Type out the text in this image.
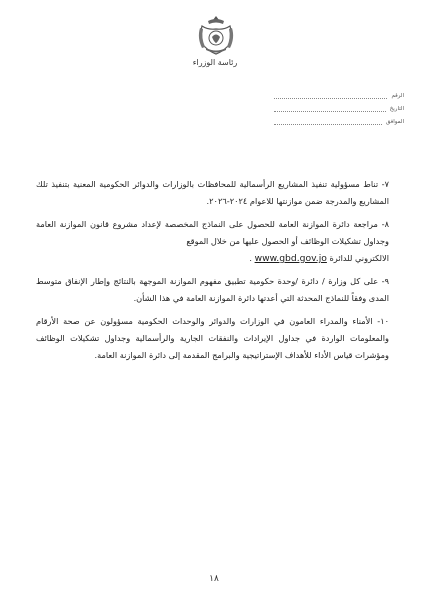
رئاسة الوزراء
الرقم
التاريخ
الموافق
٧- تناط مسؤولية تنفيذ المشاريع الرأسمالية للمحافظات بالوزارات والدوائر الحكومية المعنية بتنفيذ تلك المشاريع والمدرجة ضمن موازنتها للاعوام ٢٠٢٤-٢٠٢٦.
٨- مراجعة دائرة الموازنة العامة للحصول على النماذج المخصصة لإعداد مشروع قانون الموازنة العامة وجداول تشكيلات الوظائف أو الحصول عليها من خلال الموقع
الالكتروني للدائرة www.gbd.gov.jo .
٩- على كل وزارة / دائرة /وحدة حكومية تطبيق مفهوم الموازنة الموجهة بالنتائج وإطار الإنفاق متوسط المدى وفقاً للنماذج المحدثة التي أعدتها دائرة الموازنة العامة في هذا الشأن.
١٠- الأمناء والمدراء العامون في الوزارات والدوائر والوحدات الحكومية مسؤولون عن صحة الأرقام والمعلومات الواردة في جداول الإيرادات والنفقات الجارية والرأسمالية وجداول تشكيلات الوظائف ومؤشرات قياس الأداء للأهداف الإستراتيجية والبرامج المقدمة إلى دائرة الموازنة العامة.
١٨
